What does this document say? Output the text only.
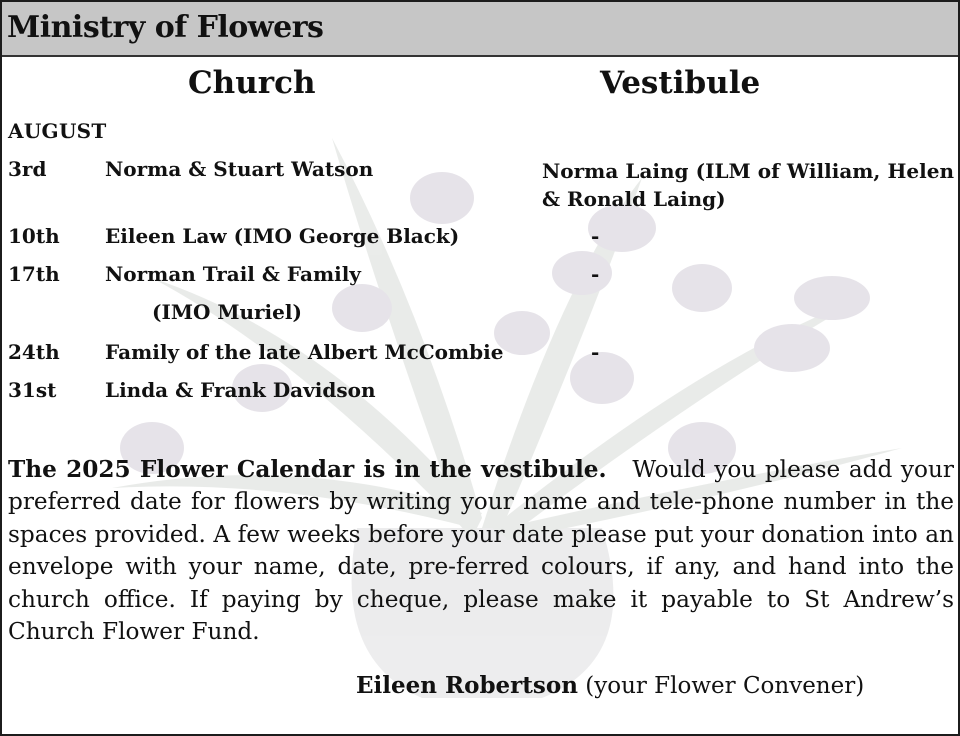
Ministry of Flowers
Church	Vestibule
AUGUST
3rd	Norma & Stuart Watson	Norma Laing (ILM of William, Helen & Ronald Laing)
10th Eileen Law (IMO George Black)	-
17th Norman Trail & Family	-
(IMO Muriel)
24th Family of the late Albert McCombie	-
31st Linda & Frank Davidson

The 2025 Flower Calendar is in the vestibule. Would you please add your preferred date for flowers by writing your name and tele-phone number in the spaces provided. A few weeks before your date please put your donation into an envelope with your name, date, pre-ferred colours, if any, and hand into the church office. If paying by cheque, please make it payable to St Andrew’s Church Flower Fund.

Eileen Robertson (your Flower Convener)
